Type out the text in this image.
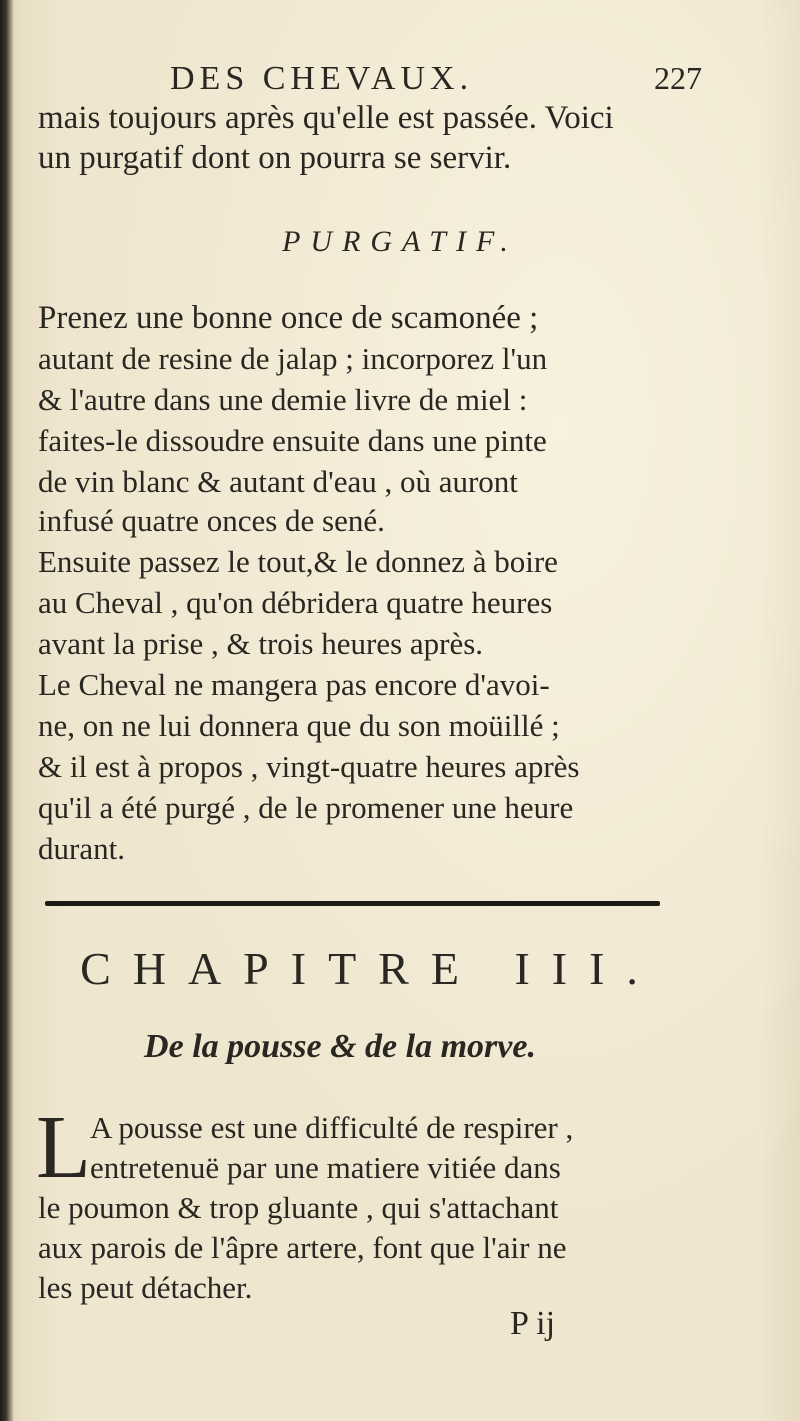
DES CHEVAUX.	227
mais toujours après qu'elle est passée. Voici
un purgatif dont on pourra se servir.
PURGATIF.
Prenez une bonne once de scamonée ;
autant de resine de jalap ; incorporez l'un
& l'autre dans une demie livre de miel :
faites-le dissoudre ensuite dans une pinte
de vin blanc & autant d'eau , où auront
infusé quatre onces de sené.
Ensuite passez le tout,& le donnez à boire
au Cheval , qu'on débridera quatre heures
avant la prise , & trois heures après.
Le Cheval ne mangera pas encore d'avoi-
ne, on ne lui donnera que du son moüillé ;
& il est à propos , vingt-quatre heures après
qu'il a été purgé , de le promener une heure
durant.
CHAPITRE III.
De la pousse & de la morve.
L A pousse est une difficulté de respirer ,
entretenuë par une matiere vitiée dans
le poumon & trop gluante , qui s'attachant
aux parois de l'âpre artere, font que l'air ne
les peut détacher.
P ij
